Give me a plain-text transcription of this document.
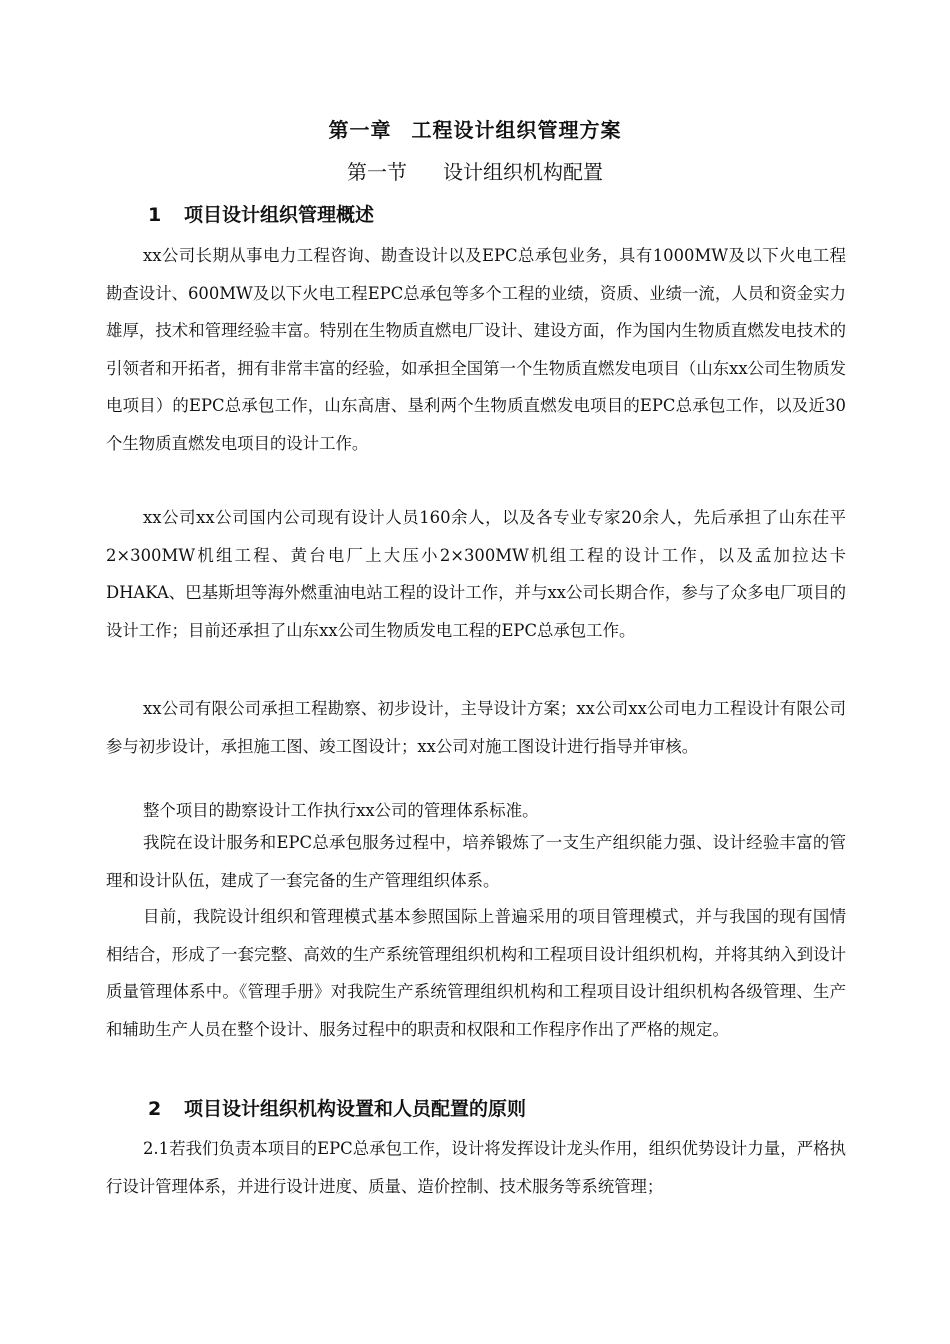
第一章 工程设计组织管理方案
第一节 设计组织机构配置
1 项目设计组织管理概述

xx公司长期从事电力工程咨询、勘查设计以及EPC总承包业务，具有1000MW及以下火电工程勘查设计、600MW及以下火电工程EPC总承包等多个工程的业绩，资质、业绩一流，人员和资金实力雄厚，技术和管理经验丰富。特别在生物质直燃电厂设计、建设方面，作为国内生物质直燃发电技术的引领者和开拓者，拥有非常丰富的经验，如承担全国第一个生物质直燃发电项目（山东xx公司生物质发电项目）的EPC总承包工作，山东高唐、垦利两个生物质直燃发电项目的EPC总承包工作，以及近30个生物质直燃发电项目的设计工作。

xx公司xx公司国内公司现有设计人员160余人，以及各专业专家20余人，先后承担了山东茌平2×300MW机组工程、黄台电厂上大压小2×300MW机组工程的设计工作，以及孟加拉达卡DHAKA、巴基斯坦等海外燃重油电站工程的设计工作，并与xx公司长期合作，参与了众多电厂项目的设计工作；目前还承担了山东xx公司生物质发电工程的EPC总承包工作。

xx公司有限公司承担工程勘察、初步设计，主导设计方案；xx公司xx公司电力工程设计有限公司参与初步设计，承担施工图、竣工图设计；xx公司对施工图设计进行指导并审核。

整个项目的勘察设计工作执行xx公司的管理体系标准。

我院在设计服务和EPC总承包服务过程中，培养锻炼了一支生产组织能力强、设计经验丰富的管理和设计队伍，建成了一套完备的生产管理组织体系。

目前，我院设计组织和管理模式基本参照国际上普遍采用的项目管理模式，并与我国的现有国情相结合，形成了一套完整、高效的生产系统管理组织机构和工程项目设计组织机构，并将其纳入到设计质量管理体系中。《管理手册》对我院生产系统管理组织机构和工程项目设计组织机构各级管理、生产和辅助生产人员在整个设计、服务过程中的职责和权限和工作程序作出了严格的规定。

2 项目设计组织机构设置和人员配置的原则

2.1若我们负责本项目的EPC总承包工作，设计将发挥设计龙头作用，组织优势设计力量，严格执行设计管理体系，并进行设计进度、质量、造价控制、技术服务等系统管理；
